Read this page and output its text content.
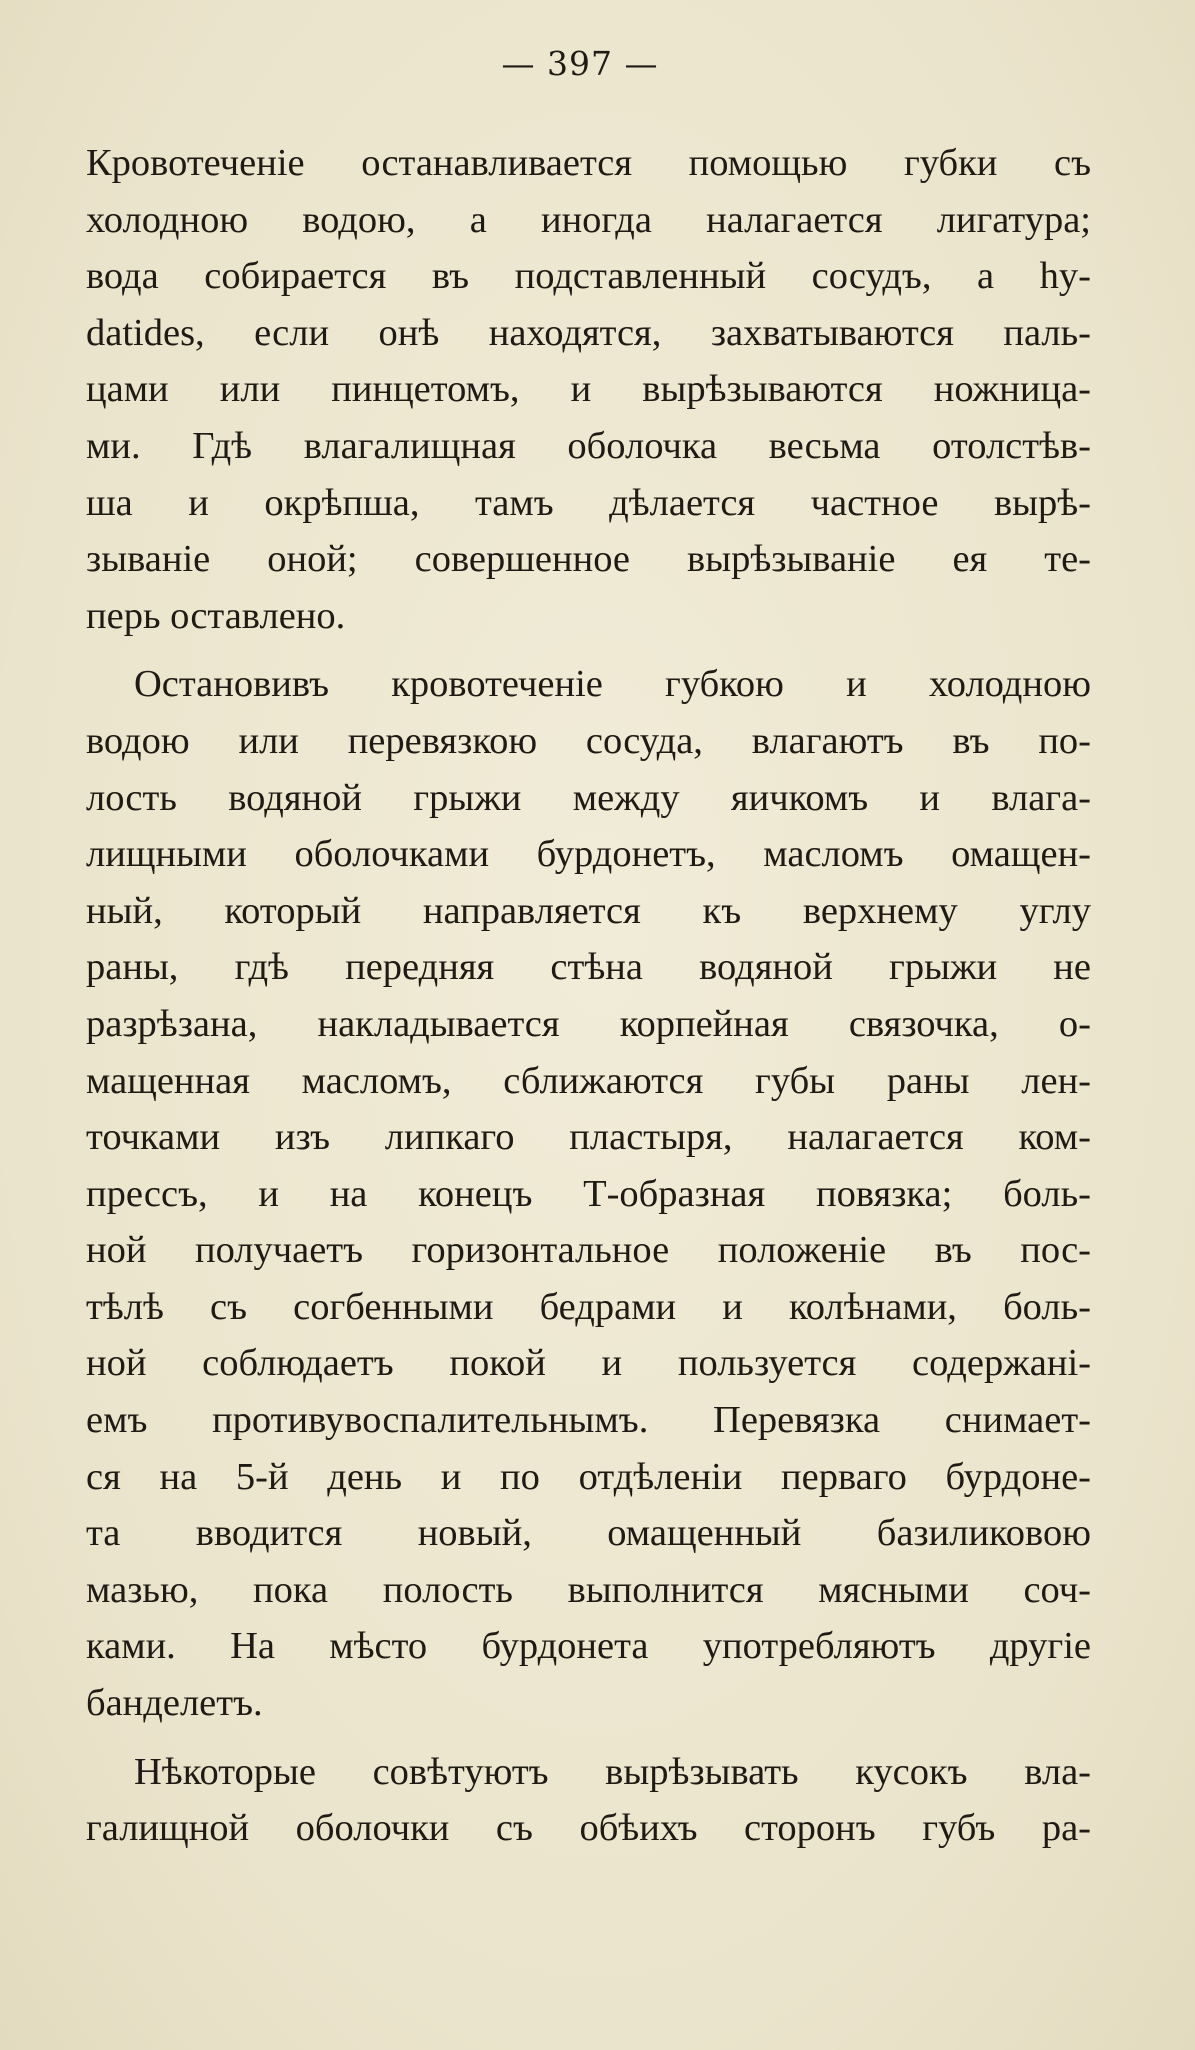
— 397 —
Кровотеченіе останавливается помощью губки съ
холодною водою, а иногда налагается лигатура;
вода собирается въ подставленный сосудъ, а hy-
datides, если онѣ находятся, захватываются паль-
цами или пинцетомъ, и вырѣзываются ножница-
ми. Гдѣ влагалищная оболочка весьма отолстѣв-
ша и окрѣпша, тамъ дѣлается частное вырѣ-
зываніе оной; совершенное вырѣзываніе ея те-
перь оставлено.
Остановивъ кровотеченіе губкою и холодною
водою или перевязкою сосуда, влагаютъ въ по-
лость водяной грыжи между яичкомъ и влага-
лищными оболочками бурдонетъ, масломъ омащен-
ный, который направляется къ верхнему углу
раны, гдѣ передняя стѣна водяной грыжи не
разрѣзана, накладывается корпейная связочка, о-
мащенная масломъ, сближаются губы раны лен-
точками изъ липкаго пластыря, налагается ком-
прессъ, и на конецъ Т-образная повязка; боль-
ной получаетъ горизонтальное положеніе въ пос-
тѣлѣ съ согбенными бедрами и колѣнами, боль-
ной соблюдаетъ покой и пользуется содержані-
емъ противувоспалительнымъ. Перевязка снимает-
ся на 5-й день и по отдѣленіи перваго бурдоне-
та вводится новый, омащенный базиликовою
мазью, пока полость выполнится мясными соч-
ками. На мѣсто бурдонета употребляютъ другіе
банделетъ.
Нѣкоторые совѣтуютъ вырѣзывать кусокъ вла-
галищной оболочки съ обѣихъ сторонъ губъ ра-
